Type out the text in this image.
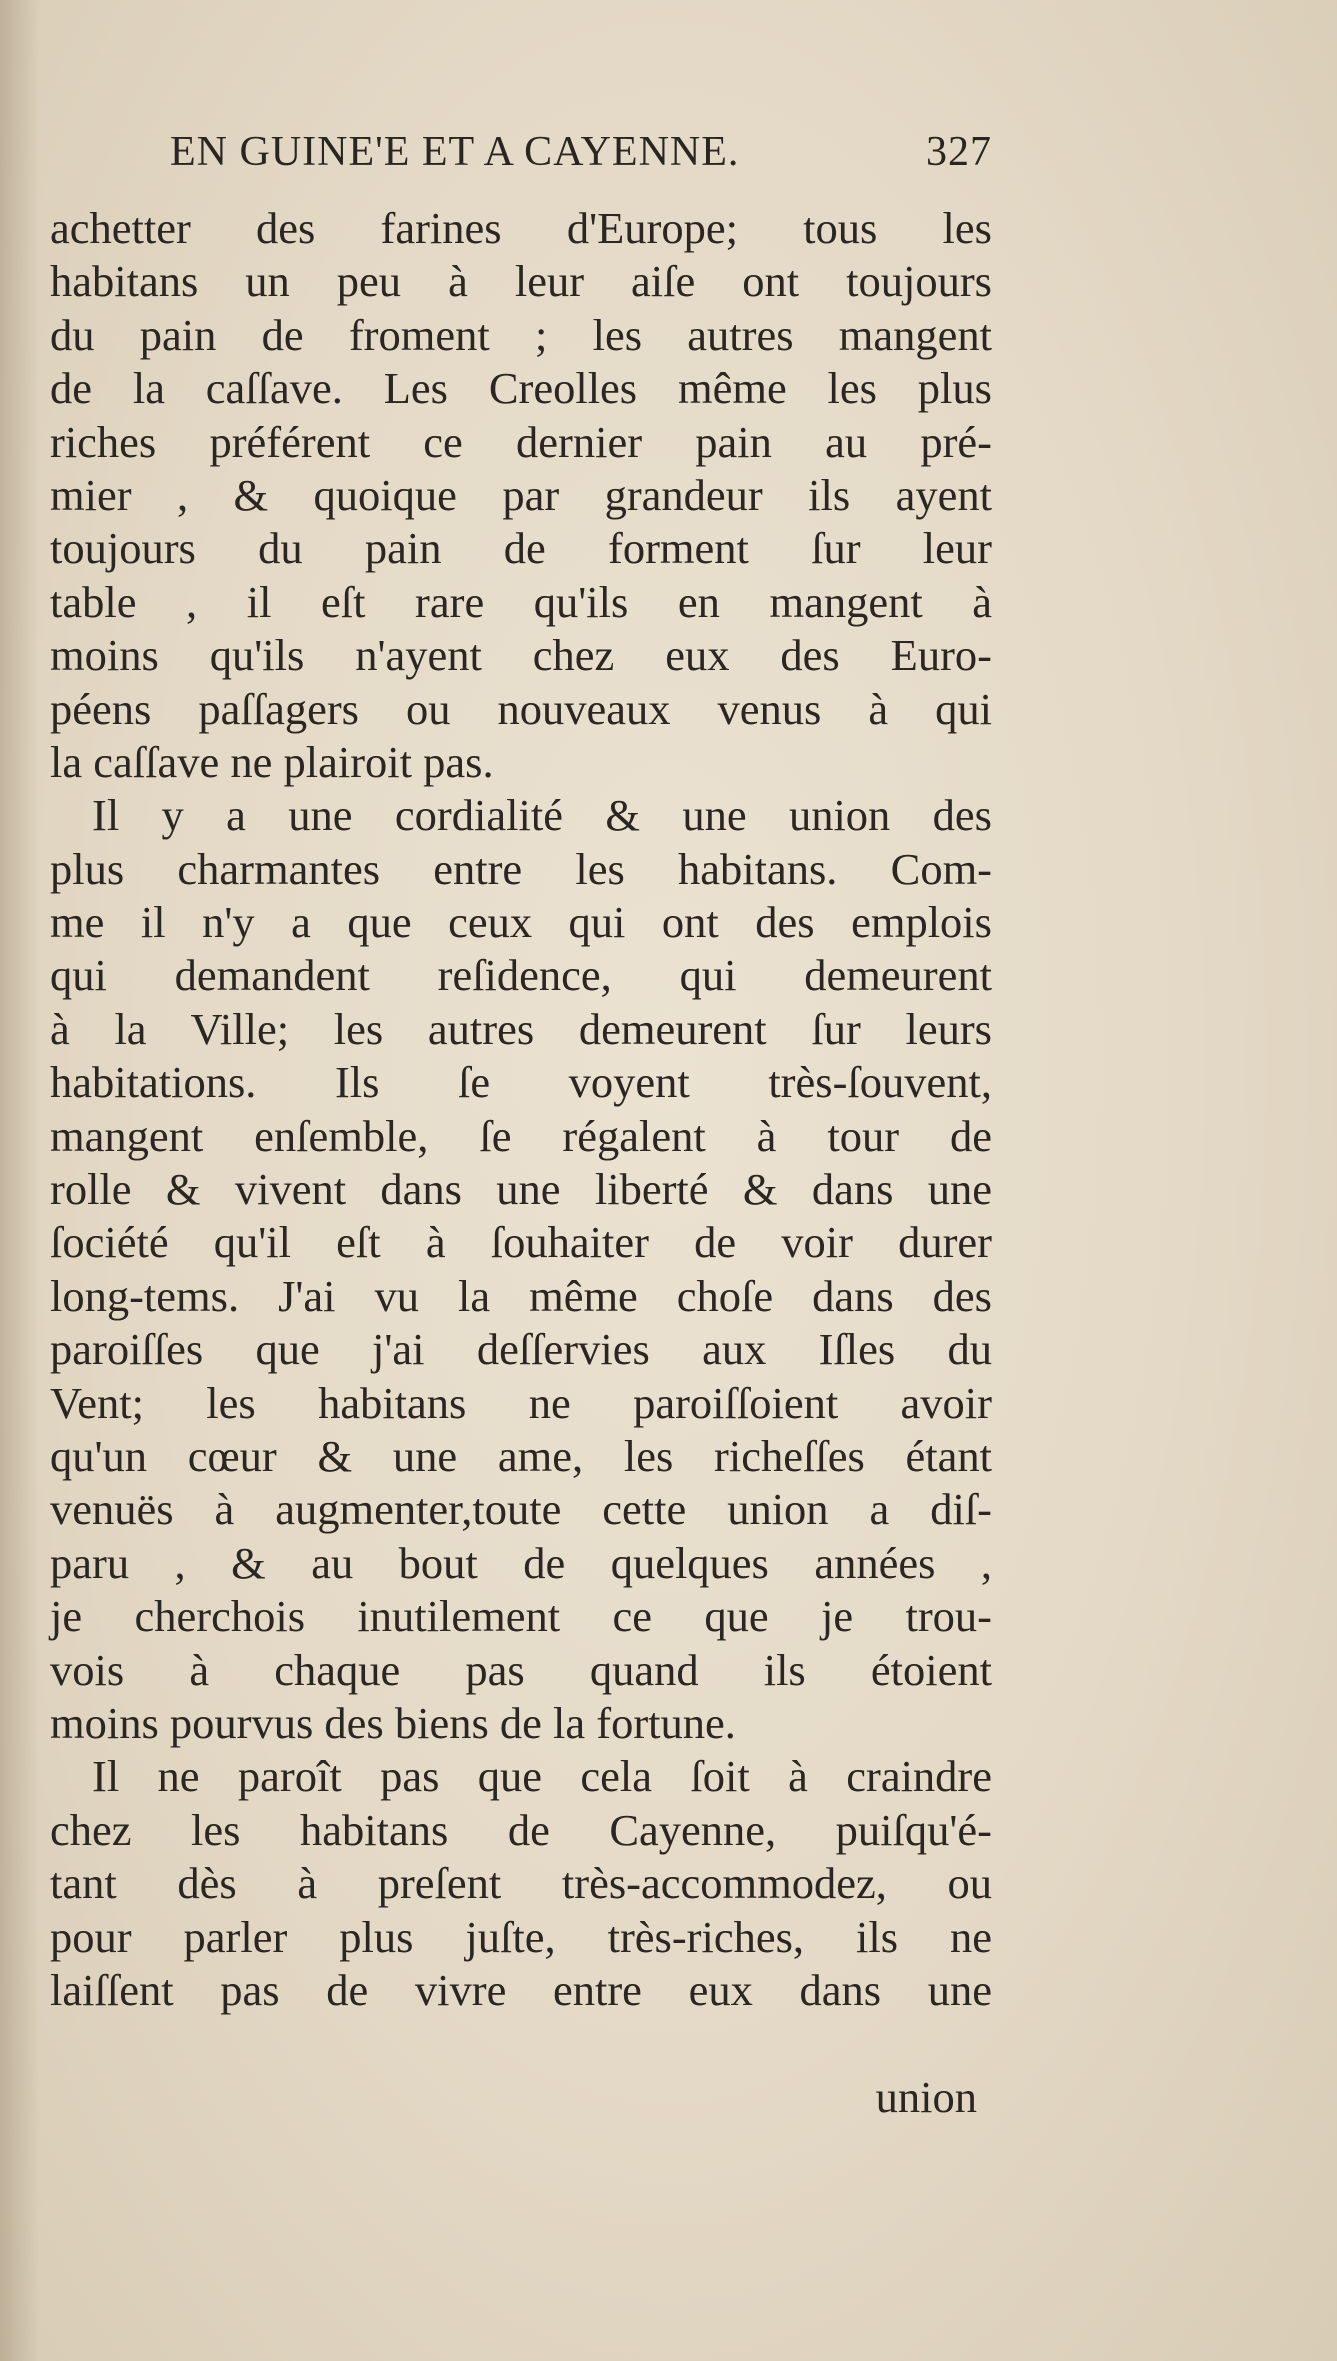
EN GUINE'E ET A CAYENNE.	327
achetter des farines d'Europe; tous les
habitans un peu à leur aiſe ont toujours
du pain de froment ; les autres mangent
de la caſſave. Les Creolles même les plus
riches préférent ce dernier pain au pré-
mier , & quoique par grandeur ils ayent
toujours du pain de forment ſur leur
table , il eſt rare qu'ils en mangent à
moins qu'ils n'ayent chez eux des Euro-
péens paſſagers ou nouveaux venus à qui
la caſſave ne plairoit pas.
Il y a une cordialité & une union des
plus charmantes entre les habitans. Com-
me il n'y a que ceux qui ont des emplois
qui demandent reſidence, qui demeurent
à la Ville; les autres demeurent ſur leurs
habitations. Ils ſe voyent très-ſouvent,
mangent enſemble, ſe régalent à tour de
rolle & vivent dans une liberté & dans une
ſociété qu'il eſt à ſouhaiter de voir durer
long-tems. J'ai vu la même choſe dans des
paroiſſes que j'ai deſſervies aux Iſles du
Vent; les habitans ne paroiſſoient avoir
qu'un cœur & une ame, les richeſſes étant
venuës à augmenter,toute cette union a diſ-
paru , & au bout de quelques années ,
je cherchois inutilement ce que je trou-
vois à chaque pas quand ils étoient
moins pourvus des biens de la fortune.
Il ne paroît pas que cela ſoit à craindre
chez les habitans de Cayenne, puiſqu'é-
tant dès à preſent très-accommodez, ou
pour parler plus juſte, très-riches, ils ne
laiſſent pas de vivre entre eux dans une
union
